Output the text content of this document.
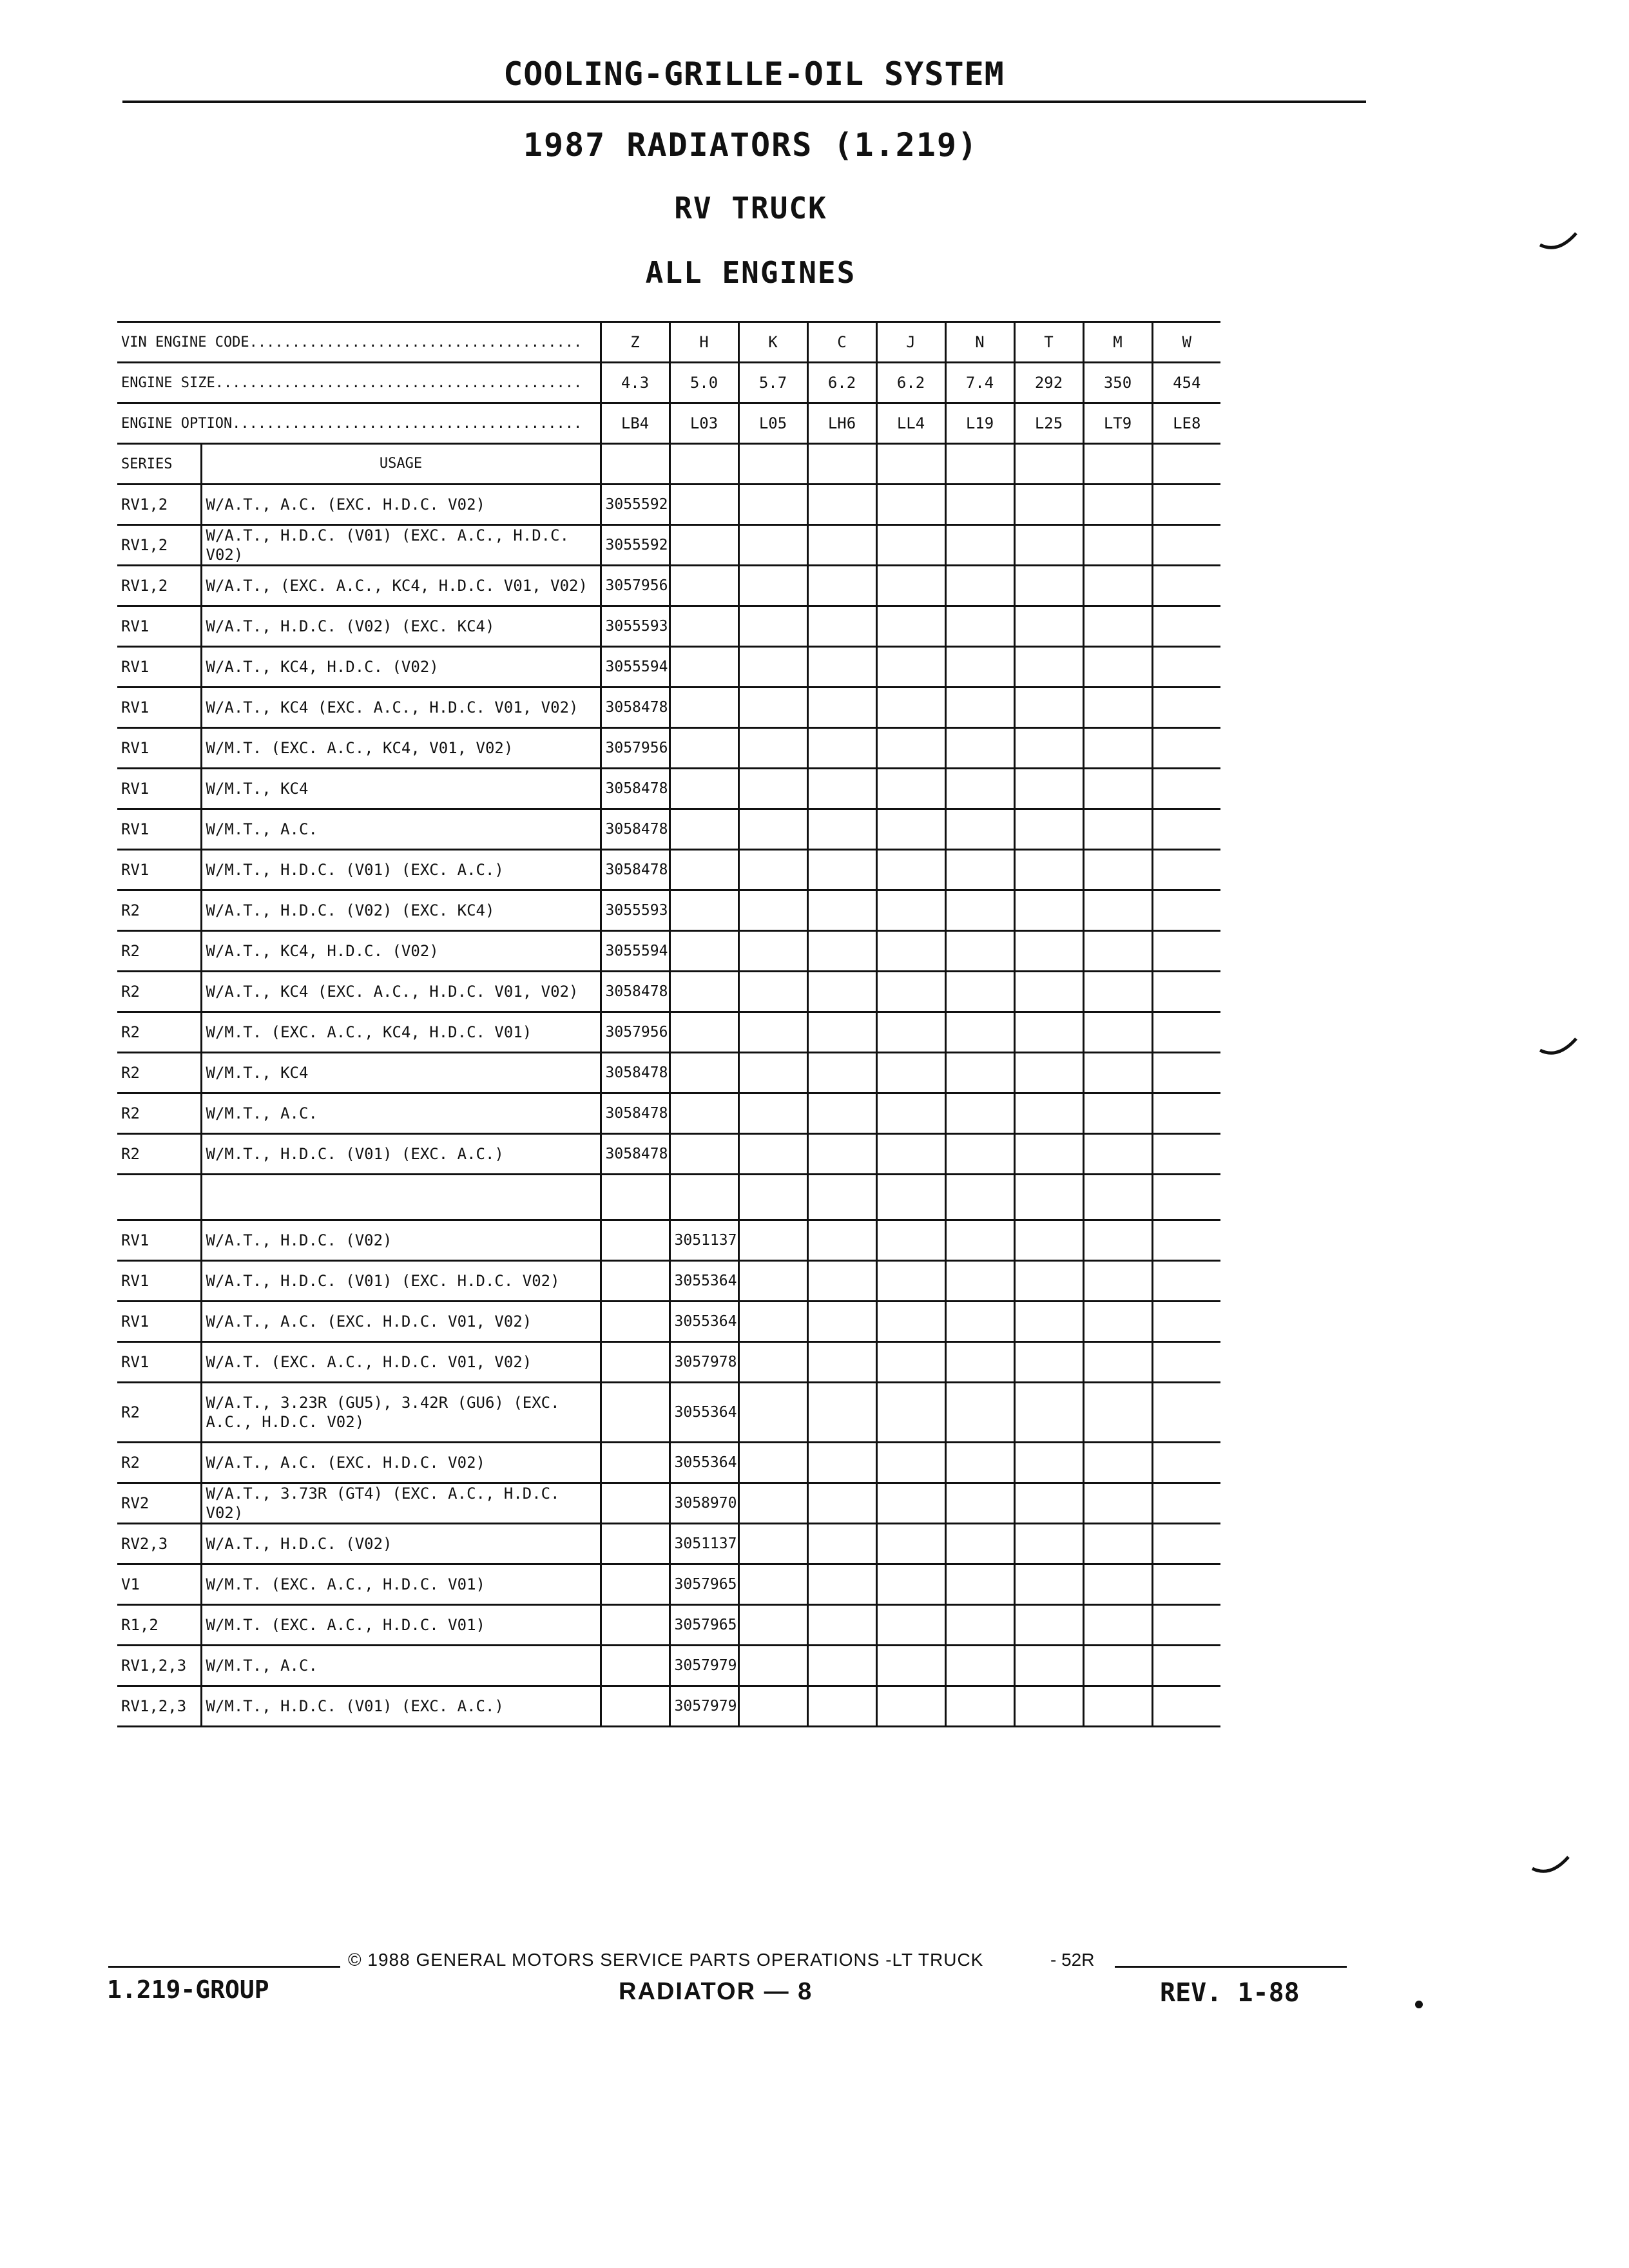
COOLING-GRILLE-OIL SYSTEM
1987 RADIATORS (1.219)
RV TRUCK
ALL ENGINES
VIN ENGINE CODE.......................................		Z	H	K	C	J	N	T	M	W
ENGINE SIZE...........................................		4.3	5.0	5.7	6.2	6.2	7.4	292	350	454
ENGINE OPTION.........................................		LB4	L03	L05	LH6	LL4	L19	L25	LT9	LE8
SERIES	USAGE									
RV1,2	W/A.T., A.C. (EXC. H.D.C. V02)	3055592								
RV1,2	W/A.T., H.D.C. (V01) (EXC. A.C., H.D.C. V02)	3055592								
RV1,2	W/A.T., (EXC. A.C., KC4, H.D.C. V01, V02)	3057956								
RV1	W/A.T., H.D.C. (V02) (EXC. KC4)	3055593								
RV1	W/A.T., KC4, H.D.C. (V02)	3055594								
RV1	W/A.T., KC4 (EXC. A.C., H.D.C. V01, V02)	3058478								
RV1	W/M.T. (EXC. A.C., KC4, V01, V02)	3057956								
RV1	W/M.T., KC4	3058478								
RV1	W/M.T., A.C.	3058478								
RV1	W/M.T., H.D.C. (V01) (EXC. A.C.)	3058478								
R2	W/A.T., H.D.C. (V02) (EXC. KC4)	3055593								
R2	W/A.T., KC4, H.D.C. (V02)	3055594								
R2	W/A.T., KC4 (EXC. A.C., H.D.C. V01, V02)	3058478								
R2	W/M.T. (EXC. A.C., KC4, H.D.C. V01)	3057956								
R2	W/M.T., KC4	3058478								
R2	W/M.T., A.C.	3058478								
R2	W/M.T., H.D.C. (V01) (EXC. A.C.)	3058478								

RV1	W/A.T., H.D.C. (V02)		3051137							
RV1	W/A.T., H.D.C. (V01) (EXC. H.D.C. V02)		3055364							
RV1	W/A.T., A.C. (EXC. H.D.C. V01, V02)		3055364							
RV1	W/A.T. (EXC. A.C., H.D.C. V01, V02)		3057978							
R2	W/A.T., 3.23R (GU5), 3.42R (GU6) (EXC. A.C., H.D.C. V02)		3055364							
R2	W/A.T., A.C. (EXC. H.D.C. V02)		3055364							
RV2	W/A.T., 3.73R (GT4) (EXC. A.C., H.D.C. V02)		3058970							
RV2,3	W/A.T., H.D.C. (V02)		3051137							
V1	W/M.T. (EXC. A.C., H.D.C. V01)		3057965							
R1,2	W/M.T. (EXC. A.C., H.D.C. V01)		3057965							
RV1,2,3	W/M.T., A.C.		3057979							
RV1,2,3	W/M.T., H.D.C. (V01) (EXC. A.C.)		3057979							
© 1988 GENERAL MOTORS SERVICE PARTS OPERATIONS -LT TRUCK	- 52R
1.219-GROUP	RADIATOR — 8	REV. 1-88
